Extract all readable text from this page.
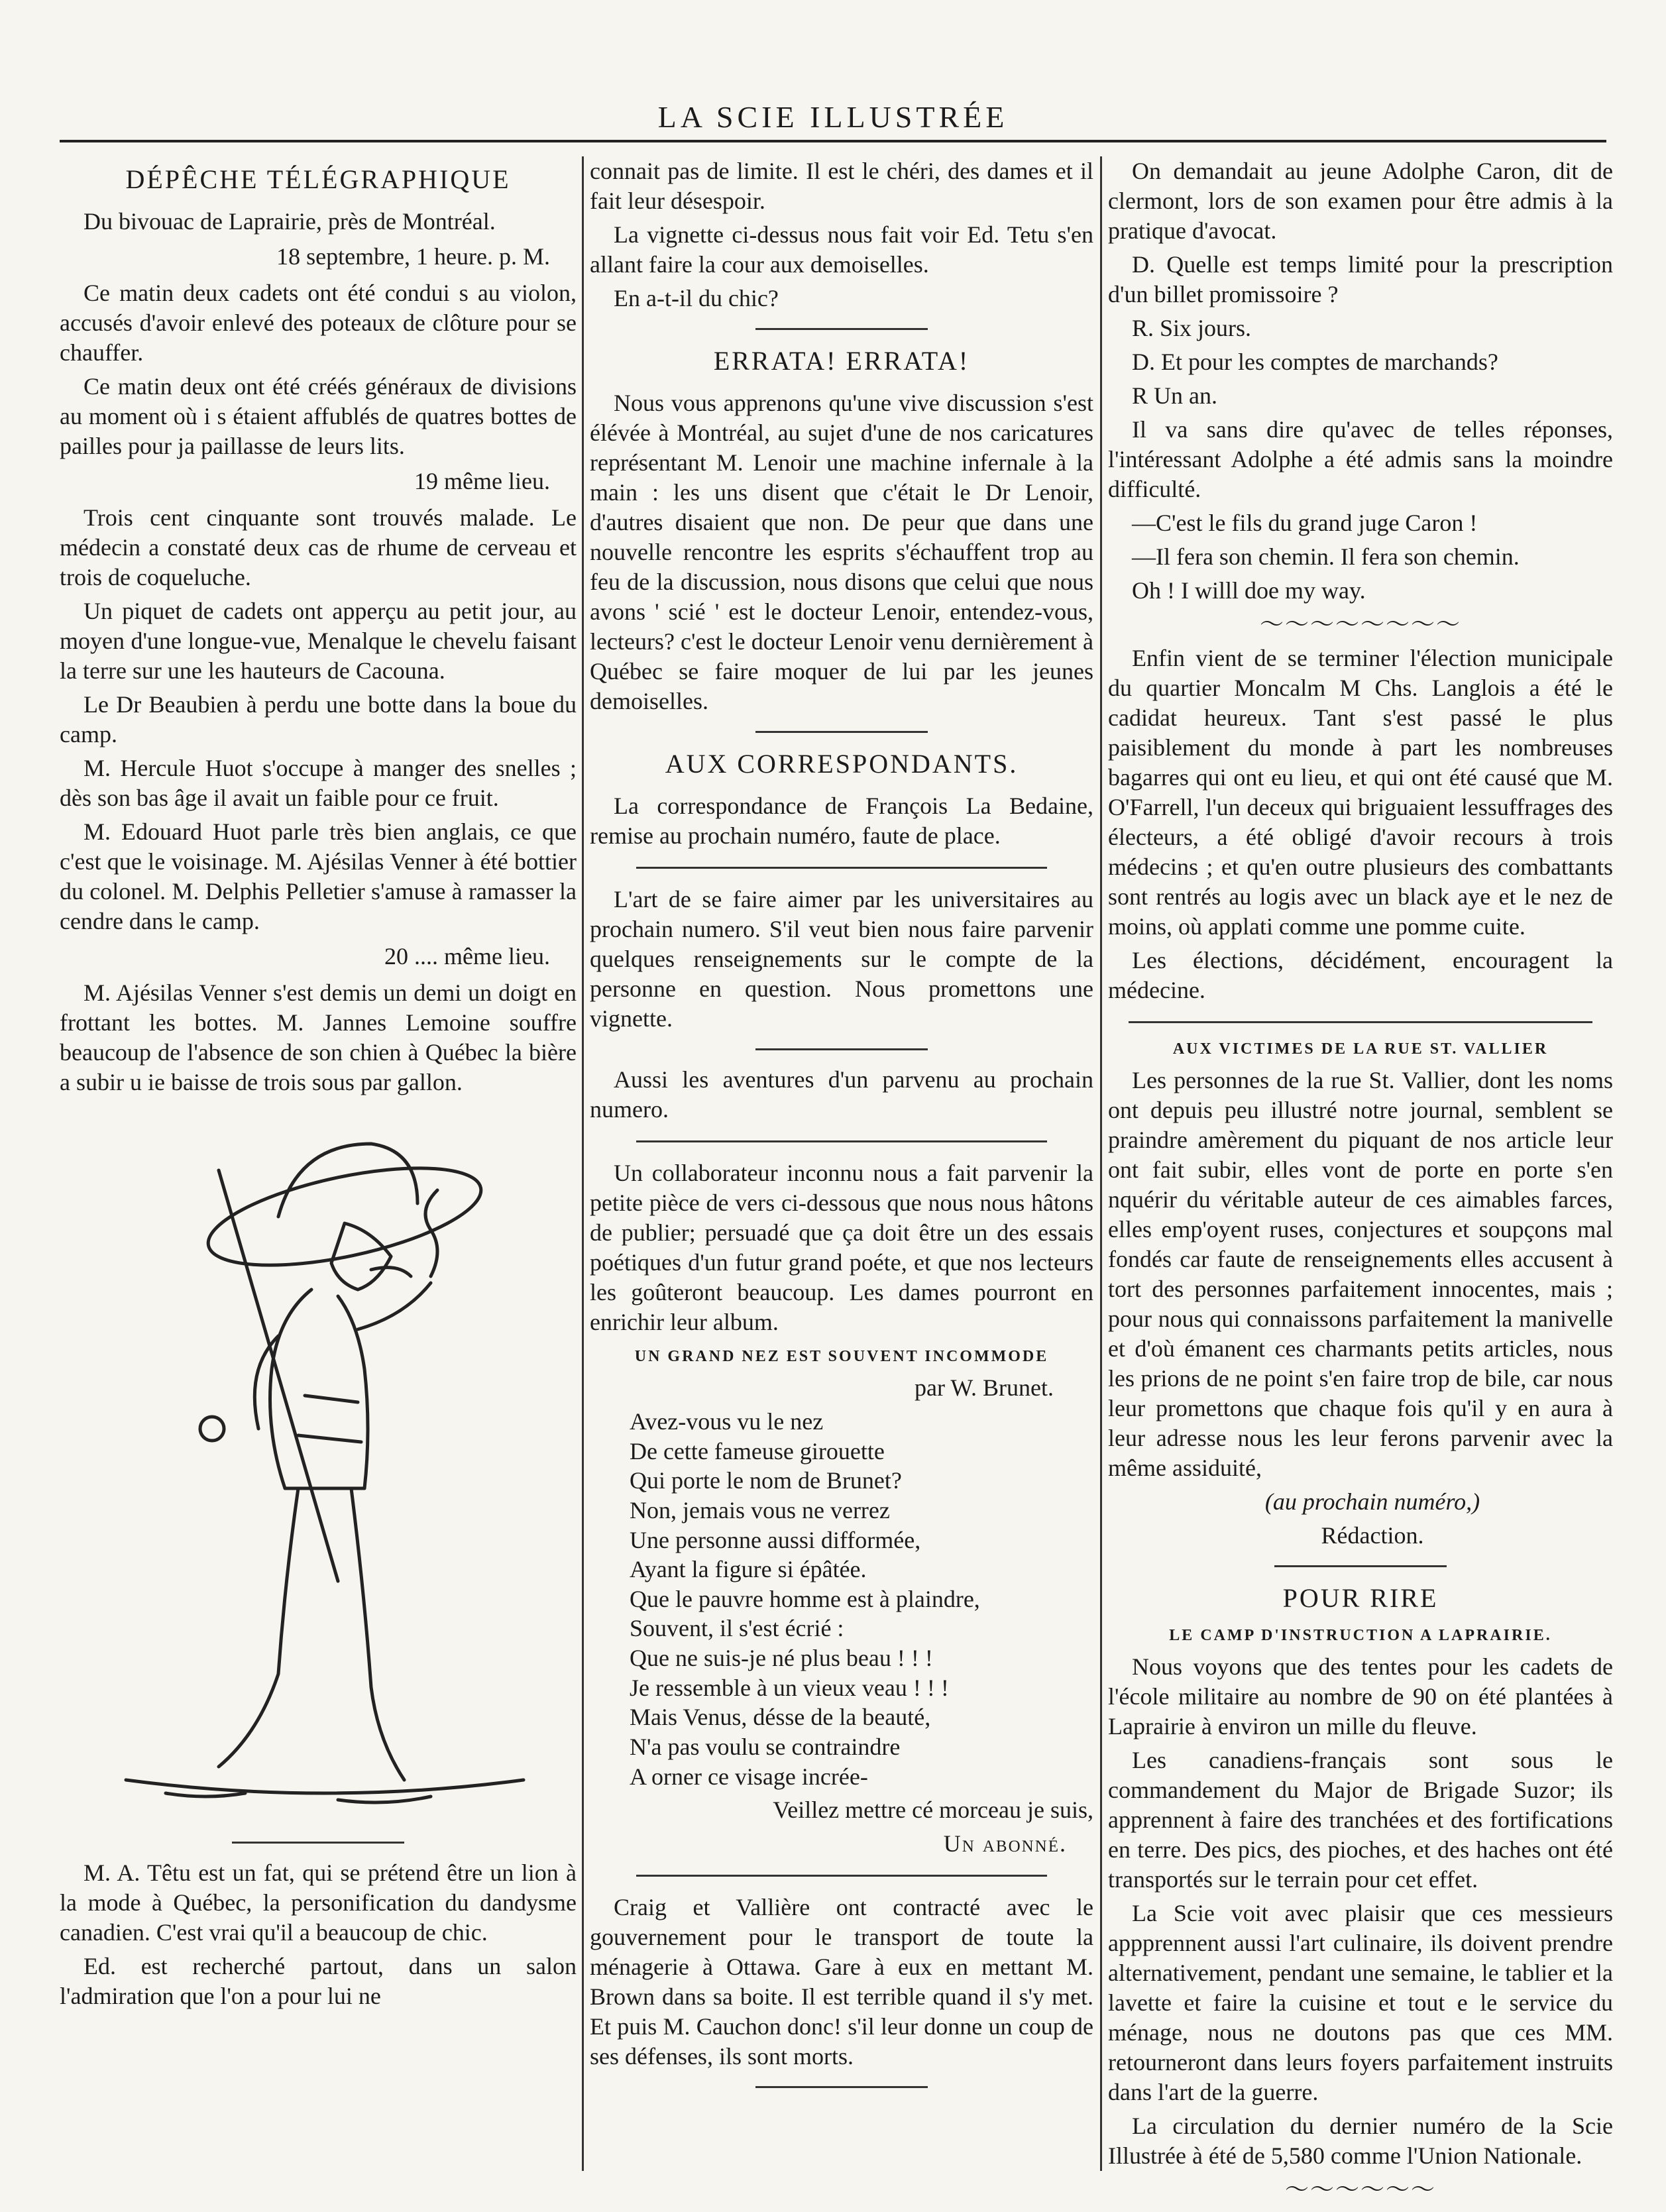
LA SCIE ILLUSTRÉE
DÉPÊCHE TÉLÉGRAPHIQUE

Du bivouac de Laprairie, près de Montréal.

18 septembre, 1 heure. p. M.

Ce matin deux cadets ont été condui s au violon, accusés d'avoir enlevé des poteaux de clôture pour se chauffer.

Ce matin deux ont été créés généraux de divisions au moment où i s étaient affublés de quatres bottes de pailles pour ja paillasse de leurs lits.

19 même lieu.

Trois cent cinquante sont trouvés malade. Le médecin a constaté deux cas de rhume de cerveau et trois de coqueluche.

Un piquet de cadets ont apperçu au petit jour, au moyen d'une longue-vue, Menalque le chevelu faisant la terre sur une les hauteurs de Cacouna.

Le Dr Beaubien à perdu une botte dans la boue du camp.

M. Hercule Huot s'occupe à manger des snelles ; dès son bas âge il avait un faible pour ce fruit.

M. Edouard Huot parle très bien anglais, ce que c'est que le voisinage. M. Ajésilas Venner à été bottier du colonel. M. Delphis Pelletier s'amuse à ramasser la cendre dans le camp.

20 .... même lieu.

M. Ajésilas Venner s'est demis un demi un doigt en frottant les bottes. M. Jannes Lemoine souffre beaucoup de l'absence de son chien à Québec la bière a subir u ie baisse de trois sous par gallon.

M. A. Têtu est un fat, qui se prétend être un lion à la mode à Québec, la personification du dandysme canadien. C'est vrai qu'il a beaucoup de chic.

Ed. est recherché partout, dans un salon l'admiration que l'on a pour lui ne

connait pas de limite. Il est le chéri, des dames et il fait leur désespoir.

La vignette ci-dessus nous fait voir Ed. Tetu s'en allant faire la cour aux demoiselles.

En a-t-il du chic?

ERRATA! ERRATA!

Nous vous apprenons qu'une vive discussion s'est élévée à Montréal, au sujet d'une de nos caricatures représentant M. Lenoir une machine infernale à la main : les uns disent que c'était le Dr Lenoir, d'autres disaient que non. De peur que dans une nouvelle rencontre les esprits s'échauffent trop au feu de la discussion, nous disons que celui que nous avons ' scié ' est le docteur Lenoir, entendez-vous, lecteurs? c'est le docteur Lenoir venu dernièrement à Québec se faire moquer de lui par les jeunes demoiselles.

AUX CORRESPONDANTS.

La correspondance de François La Bedaine, remise au prochain numéro, faute de place.

L'art de se faire aimer par les universitaires au prochain numero. S'il veut bien nous faire parvenir quelques renseignements sur le compte de la personne en question. Nous promettons une vignette.

Aussi les aventures d'un parvenu au prochain numero.

Un collaborateur inconnu nous a fait parvenir la petite pièce de vers ci-dessous que nous nous hâtons de publier; persuadé que ça doit être un des essais poétiques d'un futur grand poéte, et que nos lecteurs les goûteront beaucoup. Les dames pourront en enrichir leur album.

UN GRAND NEZ EST SOUVENT INCOMMODE
par W. Brunet.
Avez-vous vu le nez
De cette fameuse girouette
Qui porte le nom de Brunet?
Non, jemais vous ne verrez
Une personne aussi difformée,
Ayant la figure si épâtée.
Que le pauvre homme est à plaindre,
Souvent, il s'est écrié :
Que ne suis-je né plus beau ! ! !
Je ressemble à un vieux veau ! ! !
Mais Venus, désse de la beauté,
N'a pas voulu se contraindre
A orner ce visage incrée-

Veillez mettre cé morceau je suis,

Un abonné.

Craig et Vallière ont contracté avec le gouvernement pour le transport de toute la ménagerie à Ottawa. Gare à eux en mettant M. Brown dans sa boite. Il est terrible quand il s'y met. Et puis M. Cauchon donc! s'il leur donne un coup de ses défenses, ils sont morts.

On demandait au jeune Adolphe Caron, dit de clermont, lors de son examen pour être admis à la pratique d'avocat.

D. Quelle est temps limité pour la prescription d'un billet promissoire ?

R. Six jours.

D. Et pour les comptes de marchands?

R Un an.

Il va sans dire qu'avec de telles réponses, l'intéressant Adolphe a été admis sans la moindre difficulté.

—C'est le fils du grand juge Caron !

—Il fera son chemin. Il fera son chemin.

Oh ! I willl doe my way.

～～～～～～～～

Enfin vient de se terminer l'élection municipale du quartier Moncalm M Chs. Langlois a été le cadidat heureux. Tant s'est passé le plus paisiblement du monde à part les nombreuses bagarres qui ont eu lieu, et qui ont été causé que M. O'Farrell, l'un deceux qui briguaient lessuffrages des électeurs, a été obligé d'avoir recours à trois médecins ; et qu'en outre plusieurs des combattants sont rentrés au logis avec un black aye et le nez de moins, où applati comme une pomme cuite.

Les élections, décidément, encouragent la médecine.

AUX VICTIMES DE LA RUE ST. VALLIER

Les personnes de la rue St. Vallier, dont les noms ont depuis peu illustré notre journal, semblent se praindre amèrement du piquant de nos article leur ont fait subir, elles vont de porte en porte s'en nquérir du véritable auteur de ces aimables farces, elles emp'oyent ruses, conjectures et soupçons mal fondés car faute de renseignements elles accusent à tort des personnes parfaitement innocentes, mais ; pour nous qui connaissons parfaitement la manivelle et d'où émanent ces charmants petits articles, nous les prions de ne point s'en faire trop de bile, car nous leur promettons que chaque fois qu'il y en aura à leur adresse nous les leur ferons parvenir avec la même assiduité,

(au prochain numéro,)

Rédaction.

POUR RIRE
LE CAMP D'INSTRUCTION A LAPRAIRIE.

Nous voyons que des tentes pour les cadets de l'école militaire au nombre de 90 on été plantées à Laprairie à environ un mille du fleuve.

Les canadiens-français sont sous le commandement du Major de Brigade Suzor; ils apprennent à faire des tranchées et des fortifications en terre. Des pics, des pioches, et des haches ont été transportés sur le terrain pour cet effet.

La Scie voit avec plaisir que ces messieurs appprennent aussi l'art culinaire, ils doivent prendre alternativement, pendant une semaine, le tablier et la lavette et faire la cuisine et tout e le service du ménage, nous ne doutons pas que ces MM. retourneront dans leurs foyers parfaitement instruits dans l'art de la guerre.

La circulation du dernier numéro de la Scie Illustrée à été de 5,580 comme l'Union Nationale.

～～～～～～
